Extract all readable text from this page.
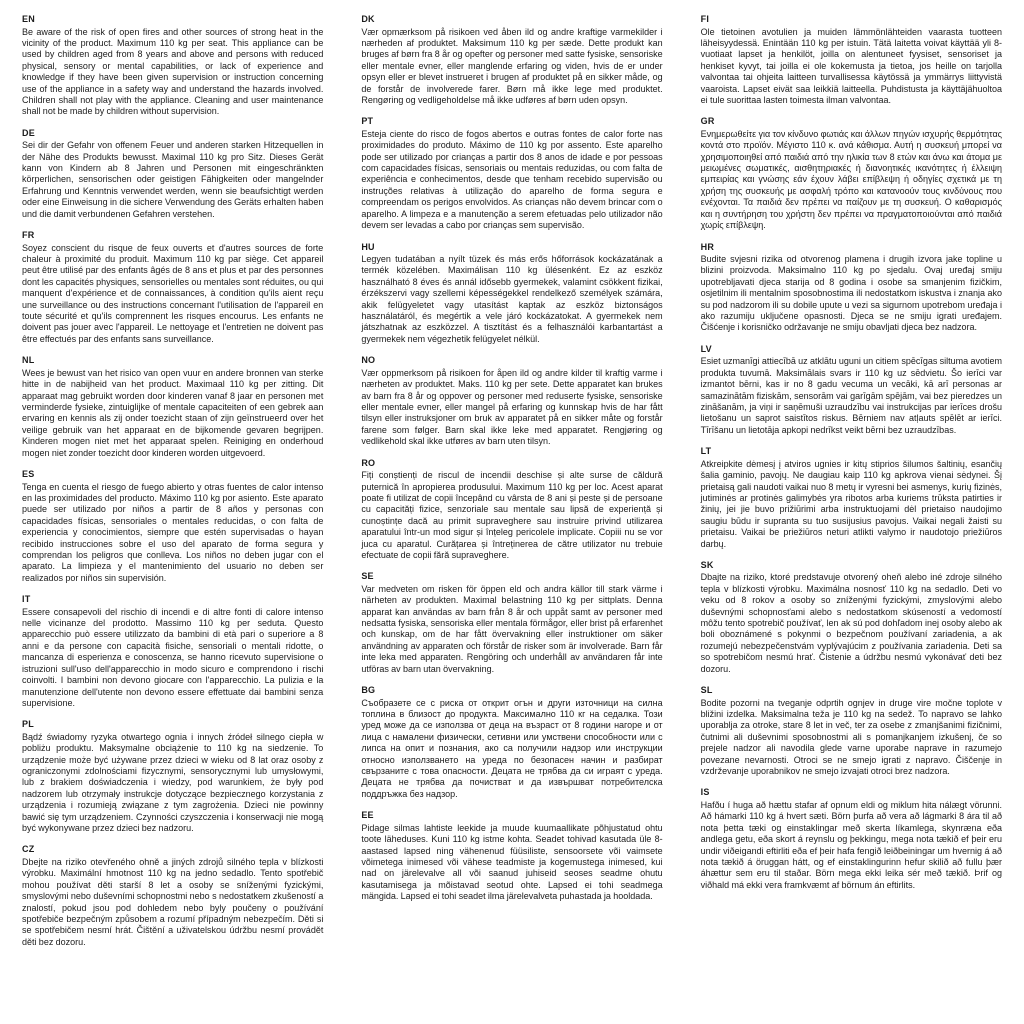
EN

Be aware of the risk of open fires and other sources of strong heat in the vicinity of the product. Maximum 110 kg per seat. This appliance can be used by children aged from 8 years and above and persons with reduced physical, sensory or mental capabilities, or lack of experience and knowledge if they have been given supervision or instruction concerning use of the appliance in a safety way and understand the hazards involved. Children shall not play with the appliance. Cleaning and user maintenance shall not be made by children without supervision.

DE

Sei dir der Gefahr von offenem Feuer und anderen starken Hitzequellen in der Nähe des Produkts bewusst. Maximal 110 kg pro Sitz. Dieses Gerät kann von Kindern ab 8 Jahren und Personen mit eingeschränkten körperlichen, sensorischen oder geistigen Fähigkeiten oder mangelnder Erfahrung und Kenntnis verwendet werden, wenn sie beaufsichtigt werden oder eine Einweisung in die sichere Verwendung des Geräts erhalten haben und die damit verbundenen Gefahren verstehen.

FR

Soyez conscient du risque de feux ouverts et d'autres sources de forte chaleur à proximité du produit. Maximum 110 kg par siège. Cet appareil peut être utilisé par des enfants âgés de 8 ans et plus et par des personnes dont les capacités physiques, sensorielles ou mentales sont réduites, ou qui manquent d'expérience et de connaissances, à condition qu'ils aient reçu une surveillance ou des instructions concernant l'utilisation de l'appareil en toute sécurité et qu'ils comprennent les risques encourus. Les enfants ne doivent pas jouer avec l'appareil. Le nettoyage et l'entretien ne doivent pas être effectués par des enfants sans surveillance.

NL

Wees je bewust van het risico van open vuur en andere bronnen van sterke hitte in de nabijheid van het product. Maximaal 110 kg per zitting. Dit apparaat mag gebruikt worden door kinderen vanaf 8 jaar en personen met verminderde fysieke, zintuiglijke of mentale capaciteiten of een gebrek aan ervaring en kennis als zij onder toezicht staan of zijn geïnstrueerd over het veilige gebruik van het apparaat en de bijkomende gevaren begrijpen. Kinderen mogen niet met het apparaat spelen. Reiniging en onderhoud mogen niet zonder toezicht door kinderen worden uitgevoerd.

ES

Tenga en cuenta el riesgo de fuego abierto y otras fuentes de calor intenso en las proximidades del producto. Máximo 110 kg por asiento. Este aparato puede ser utilizado por niños a partir de 8 años y personas con capacidades físicas, sensoriales o mentales reducidas, o con falta de experiencia y conocimientos, siempre que estén supervisadas o hayan recibido instrucciones sobre el uso del aparato de forma segura y comprendan los peligros que conlleva. Los niños no deben jugar con el aparato. La limpieza y el mantenimiento del usuario no deben ser realizados por niños sin supervisión.

IT

Essere consapevoli del rischio di incendi e di altre fonti di calore intenso nelle vicinanze del prodotto. Massimo 110 kg per seduta. Questo apparecchio può essere utilizzato da bambini di età pari o superiore a 8 anni e da persone con capacità fisiche, sensoriali o mentali ridotte, o mancanza di esperienza e conoscenza, se hanno ricevuto supervisione o istruzioni sull'uso dell'apparecchio in modo sicuro e comprendono i rischi coinvolti. I bambini non devono giocare con l'apparecchio. La pulizia e la manutenzione dell'utente non devono essere effettuate dai bambini senza supervisione.

PL

Bądź świadomy ryzyka otwartego ognia i innych źródeł silnego ciepła w pobliżu produktu. Maksymalne obciążenie to 110 kg na siedzenie. To urządzenie może być używane przez dzieci w wieku od 8 lat oraz osoby z ograniczonymi zdolnościami fizycznymi, sensorycznymi lub umysłowymi, lub z brakiem doświadczenia i wiedzy, pod warunkiem, że były pod nadzorem lub otrzymały instrukcje dotyczące bezpiecznego korzystania z urządzenia i rozumieją związane z tym zagrożenia. Dzieci nie powinny bawić się tym urządzeniem. Czynności czyszczenia i konserwacji nie mogą być wykonywane przez dzieci bez nadzoru.

CZ

Dbejte na riziko otevřeného ohně a jiných zdrojů silného tepla v blízkosti výrobku. Maximální hmotnost 110 kg na jedno sedadlo. Tento spotřebič mohou používat děti starší 8 let a osoby se sníženými fyzickými, smyslovými nebo duševními schopnostmi nebo s nedostatkem zkušeností a znalostí, pokud jsou pod dohledem nebo byly poučeny o používání spotřebiče bezpečným způsobem a rozumí případným nebezpečím. Děti si se spotřebičem nesmí hrát. Čištění a uživatelskou údržbu nesmí provádět děti bez dozoru.

DK

Vær opmærksom på risikoen ved åben ild og andre kraftige varmekilder i nærheden af produktet. Maksimum 110 kg per sæde. Dette produkt kan bruges af børn fra 8 år og opefter og personer med satte fysiske, sensoriske eller mentale evner, eller manglende erfaring og viden, hvis de er under opsyn eller er blevet instrueret i brugen af produktet på en sikker måde, og de forstår de involverede farer. Børn må ikke lege med produktet. Rengøring og vedligeholdelse må ikke udføres af børn uden opsyn.

PT

Esteja ciente do risco de fogos abertos e outras fontes de calor forte nas proximidades do produto. Máximo de 110 kg por assento. Este aparelho pode ser utilizado por crianças a partir dos 8 anos de idade e por pessoas com capacidades físicas, sensoriais ou mentais reduzidas, ou com falta de experiência e conhecimentos, desde que tenham recebido supervisão ou instruções relativas à utilização do aparelho de forma segura e compreendam os perigos envolvidos. As crianças não devem brincar com o aparelho. A limpeza e a manutenção a serem efetuadas pelo utilizador não devem ser levadas a cabo por crianças sem supervisão.

HU

Legyen tudatában a nyílt tüzek és más erős hőforrások kockázatának a termék közelében. Maximálisan 110 kg ülésenként. Ez az eszköz használható 8 éves és annál idősebb gyermekek, valamint csökkent fizikai, érzékszervi vagy szellemi képességekkel rendelkező személyek számára, akik felügyeletet vagy utasítást kaptak az eszköz biztonságos használatáról, és megértik a vele járó kockázatokat. A gyermekek nem játszhatnak az eszközzel. A tisztítást és a felhasználói karbantartást a gyermekek nem végezhetik felügyelet nélkül.

NO

Vær oppmerksom på risikoen for åpen ild og andre kilder til kraftig varme i nærheten av produktet. Maks. 110 kg per sete. Dette apparatet kan brukes av barn fra 8 år og oppover og personer med reduserte fysiske, sensoriske eller mentale evner, eller mangel på erfaring og kunnskap hvis de har fått tilsyn eller instruksjoner om bruk av apparatet på en sikker måte og forstår farene som følger. Barn skal ikke leke med apparatet. Rengjøring og vedlikehold skal ikke utføres av barn uten tilsyn.

RO

Fiți conștienți de riscul de incendii deschise și alte surse de căldură puternică în apropierea produsului. Maximum 110 kg per loc. Acest aparat poate fi utilizat de copii începând cu vârsta de 8 ani și peste și de persoane cu capacități fizice, senzoriale sau mentale sau lipsă de experiență și cunoștințe dacă au primit supraveghere sau instruire privind utilizarea aparatului într-un mod sigur și înțeleg pericolele implicate. Copiii nu se vor juca cu aparatul. Curățarea și întreținerea de către utilizator nu trebuie efectuate de copii fără supraveghere.

SE

Var medveten om risken för öppen eld och andra källor till stark värme i närheten av produkten. Maximal belastning 110 kg per sittplats. Denna apparat kan användas av barn från 8 år och uppåt samt av personer med nedsatta fysiska, sensoriska eller mentala förmågor, eller brist på erfarenhet och kunskap, om de har fått övervakning eller instruktioner om säker användning av apparaten och förstår de risker som är involverade. Barn får inte leka med apparaten. Rengöring och underhåll av användaren får inte utföras av barn utan övervakning.

BG

Съобразете се с риска от открит огън и други източници на силна топлина в близост до продукта. Максимално 110 кг на седалка. Този уред може да се използва от деца на възраст от 8 години нагоре и от лица с намалени физически, сетивни или умствени способности или с липса на опит и познания, ако са получили надзор или инструкции относно използването на уреда по безопасен начин и разбират свързаните с това опасности. Децата не трябва да си играят с уреда. Децата не трябва да почистват и да извършват потребителска поддръжка без надзор.

EE

Pidage silmas lahtiste leekide ja muude kuumaallikate põhjustatud ohtu toote läheduses. Kuni 110 kg istme kohta. Seadet tohivad kasutada üle 8-aastased lapsed ning vähenenud füüsiliste, sensoorsete või vaimsete võimetega inimesed või vähese teadmiste ja kogemustega inimesed, kui nad on järelevalve all või saanud juhiseid seoses seadme ohutu kasutamisega ja mõistavad seotud ohte. Lapsed ei tohi seadmega mängida. Lapsed ei tohi seadet ilma järelevalveta puhastada ja hooldada.

FI

Ole tietoinen avotulien ja muiden lämmönlähteiden vaarasta tuotteen läheisyydessä. Enintään 110 kg per istuin. Tätä laitetta voivat käyttää yli 8-vuotiaat lapset ja henkilöt, joilla on alentuneet fyysiset, sensoriset ja henkiset kyvyt, tai joilla ei ole kokemusta ja tietoa, jos heille on tarjolla valvontaa tai ohjeita laitteen turvallisessa käytössä ja ymmärrys liittyvistä vaaroista. Lapset eivät saa leikkiä laitteella. Puhdistusta ja käyttäjähuoltoa ei tule suorittaa lasten toimesta ilman valvontaa.

GR

Ενημερωθείτε για τον κίνδυνο φωτιάς και άλλων πηγών ισχυρής θερμότητας κοντά στο προϊόν. Μέγιστο 110 κ. ανά κάθισμα. Αυτή η συσκευή μπορεί να χρησιμοποιηθεί από παιδιά από την ηλικία των 8 ετών και άνω και άτομα με μειωμένες σωματικές, αισθητηριακές ή διανοητικές ικανότητες ή έλλειψη εμπειρίας και γνώσης εάν έχουν λάβει επίβλεψη ή οδηγίες σχετικά με τη χρήση της συσκευής με ασφαλή τρόπο και κατανοούν τους κινδύνους που ενέχονται. Τα παιδιά δεν πρέπει να παίζουν με τη συσκευή. Ο καθαρισμός και η συντήρηση του χρήστη δεν πρέπει να πραγματοποιούνται από παιδιά χωρίς επίβλεψη.

HR

Budite svjesni rizika od otvorenog plamena i drugih izvora jake topline u blizini proizvoda. Maksimalno 110 kg po sjedalu. Ovaj uređaj smiju upotrebljavati djeca starija od 8 godina i osobe sa smanjenim fizičkim, osjetilnim ili mentalnim sposobnostima ili nedostatkom iskustva i znanja ako su pod nadzorom ili su dobile upute u vezi sa sigurnom upotrebom uređaja i ako razumiju uključene opasnosti. Djeca se ne smiju igrati uređajem. Čišćenje i korisničko održavanje ne smiju obavljati djeca bez nadzora.

LV

Esiet uzmanīgi attiecībā uz atklātu uguni un citiem spēcīgas siltuma avotiem produkta tuvumā. Maksimālais svars ir 110 kg uz sēdvietu. Šo ierīci var izmantot bērni, kas ir no 8 gadu vecuma un vecāki, kā arī personas ar samazinātām fiziskām, sensorām vai garīgām spējām, vai bez pieredzes un zināšanām, ja viņi ir saņēmuši uzraudzību vai instrukcijas par ierīces drošu lietošanu un saprot saistītos riskus. Bērniem nav atļauts spēlēt ar ierīci. Tīrīšanu un lietotāja apkopi nedrīkst veikt bērni bez uzraudzības.

LT

Atkreipkite dėmesį į atviros ugnies ir kitų stiprios šilumos šaltinių, esančių šalia gaminio, pavojų. Ne daugiau kaip 110 kg apkrova vienai sėdynei. Šį prietaisą gali naudoti vaikai nuo 8 metų ir vyresni bei asmenys, kurių fizinės, jutiminės ar protinės galimybės yra ribotos arba kuriems trūksta patirties ir žinių, jei jie buvo prižiūrimi arba instruktuojami dėl prietaiso naudojimo saugiu būdu ir supranta su tuo susijusius pavojus. Vaikai negali žaisti su prietaisu. Vaikai be priežiūros neturi atlikti valymo ir naudotojo priežiūros darbų.

SK

Dbajte na riziko, ktoré predstavuje otvorený oheň alebo iné zdroje silného tepla v blízkosti výrobku. Maximálna nosnosť 110 kg na sedadlo. Deti vo veku od 8 rokov a osoby so zníženými fyzickými, zmyslovými alebo duševnými schopnosťami alebo s nedostatkom skúseností a vedomostí môžu tento spotrebič používať, len ak sú pod dohľadom inej osoby alebo ak boli oboznámené s pokynmi o bezpečnom používaní zariadenia, a ak rozumejú nebezpečenstvám vyplývajúcim z používania zariadenia. Deti sa so spotrebičom nesmú hrať. Čistenie a údržbu nesmú vykonávať deti bez dozoru.

SL

Bodite pozorni na tveganje odprtih ognjev in druge vire močne toplote v bližini izdelka. Maksimalna teža je 110 kg na sedež. To napravo se lahko uporablja za otroke, stare 8 let in več, ter za osebe z zmanjšanimi fizičnimi, čutnimi ali duševnimi sposobnostmi ali s pomanjkanjem izkušenj, če so prejele nadzor ali navodila glede varne uporabe naprave in razumejo povezane nevarnosti. Otroci se ne smejo igrati z napravo. Čiščenje in vzdrževanje uporabnikov ne smejo izvajati otroci brez nadzora.

IS

Hafðu í huga að hættu stafar af opnum eldi og miklum hita nálægt vörunni. Að hámarki 110 kg á hvert sæti. Börn þurfa að vera að lágmarki 8 ára til að nota þetta tæki og einstaklingar með skerta líkamlega, skynræna eða andlega getu, eða skort á reynslu og þekkingu, mega nota tækið ef þeir eru undir viðeigandi eftirliti eða ef þeir hafa fengið leiðbeiningar um hvernig á að nota tækið á öruggan hátt, og ef einstaklingurinn hefur skilið að fullu þær áhættur sem eru til staðar. Börn mega ekki leika sér með tækið. Þrif og viðhald má ekki vera framkvæmt af börnum án eftirlits.
